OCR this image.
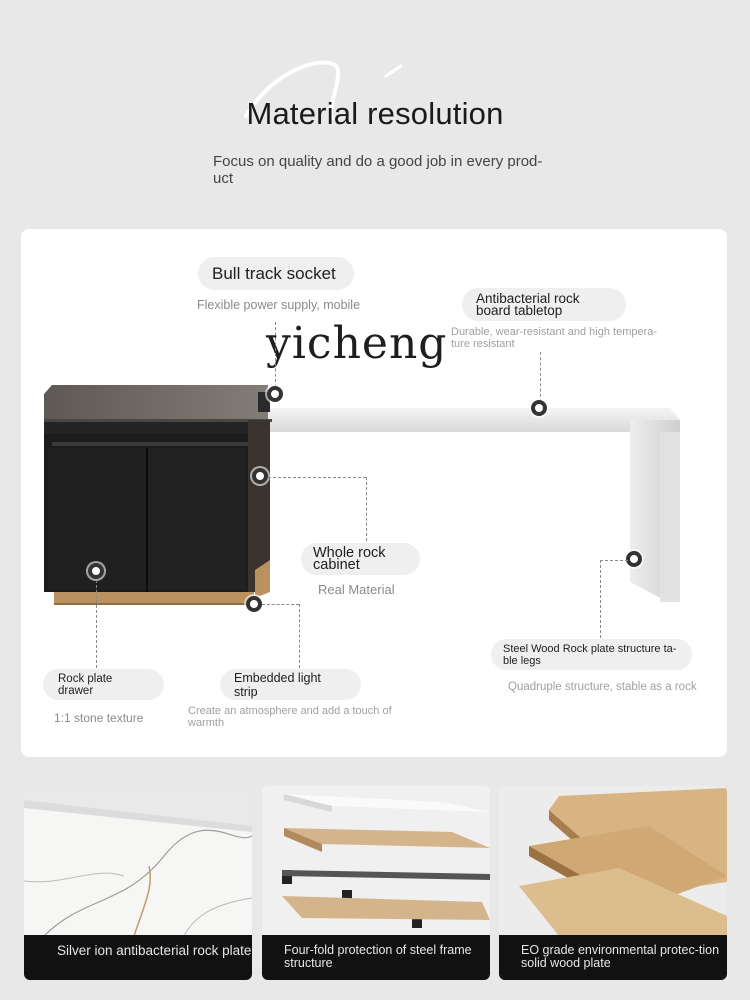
Material resolution
Focus on quality and do a good job in every prod-uct
yicheng
Bull track socket
Flexible power supply, mobile	Antibacterial rock board tabletop
Durable, wear-resistant and high tempera-ture resistant
Whole rock cabinet
Real Material
Steel Wood Rock plate structure ta-ble legs
Quadruple structure, stable as a rock
Rock plate drawer
1:1 stone texture
Embedded light strip
Create an atmosphere and add a touch of warmth
Silver ion antibacterial rock plate	Four-fold protection of steel frame structure
EO grade environmental protec-tion solid wood plate
